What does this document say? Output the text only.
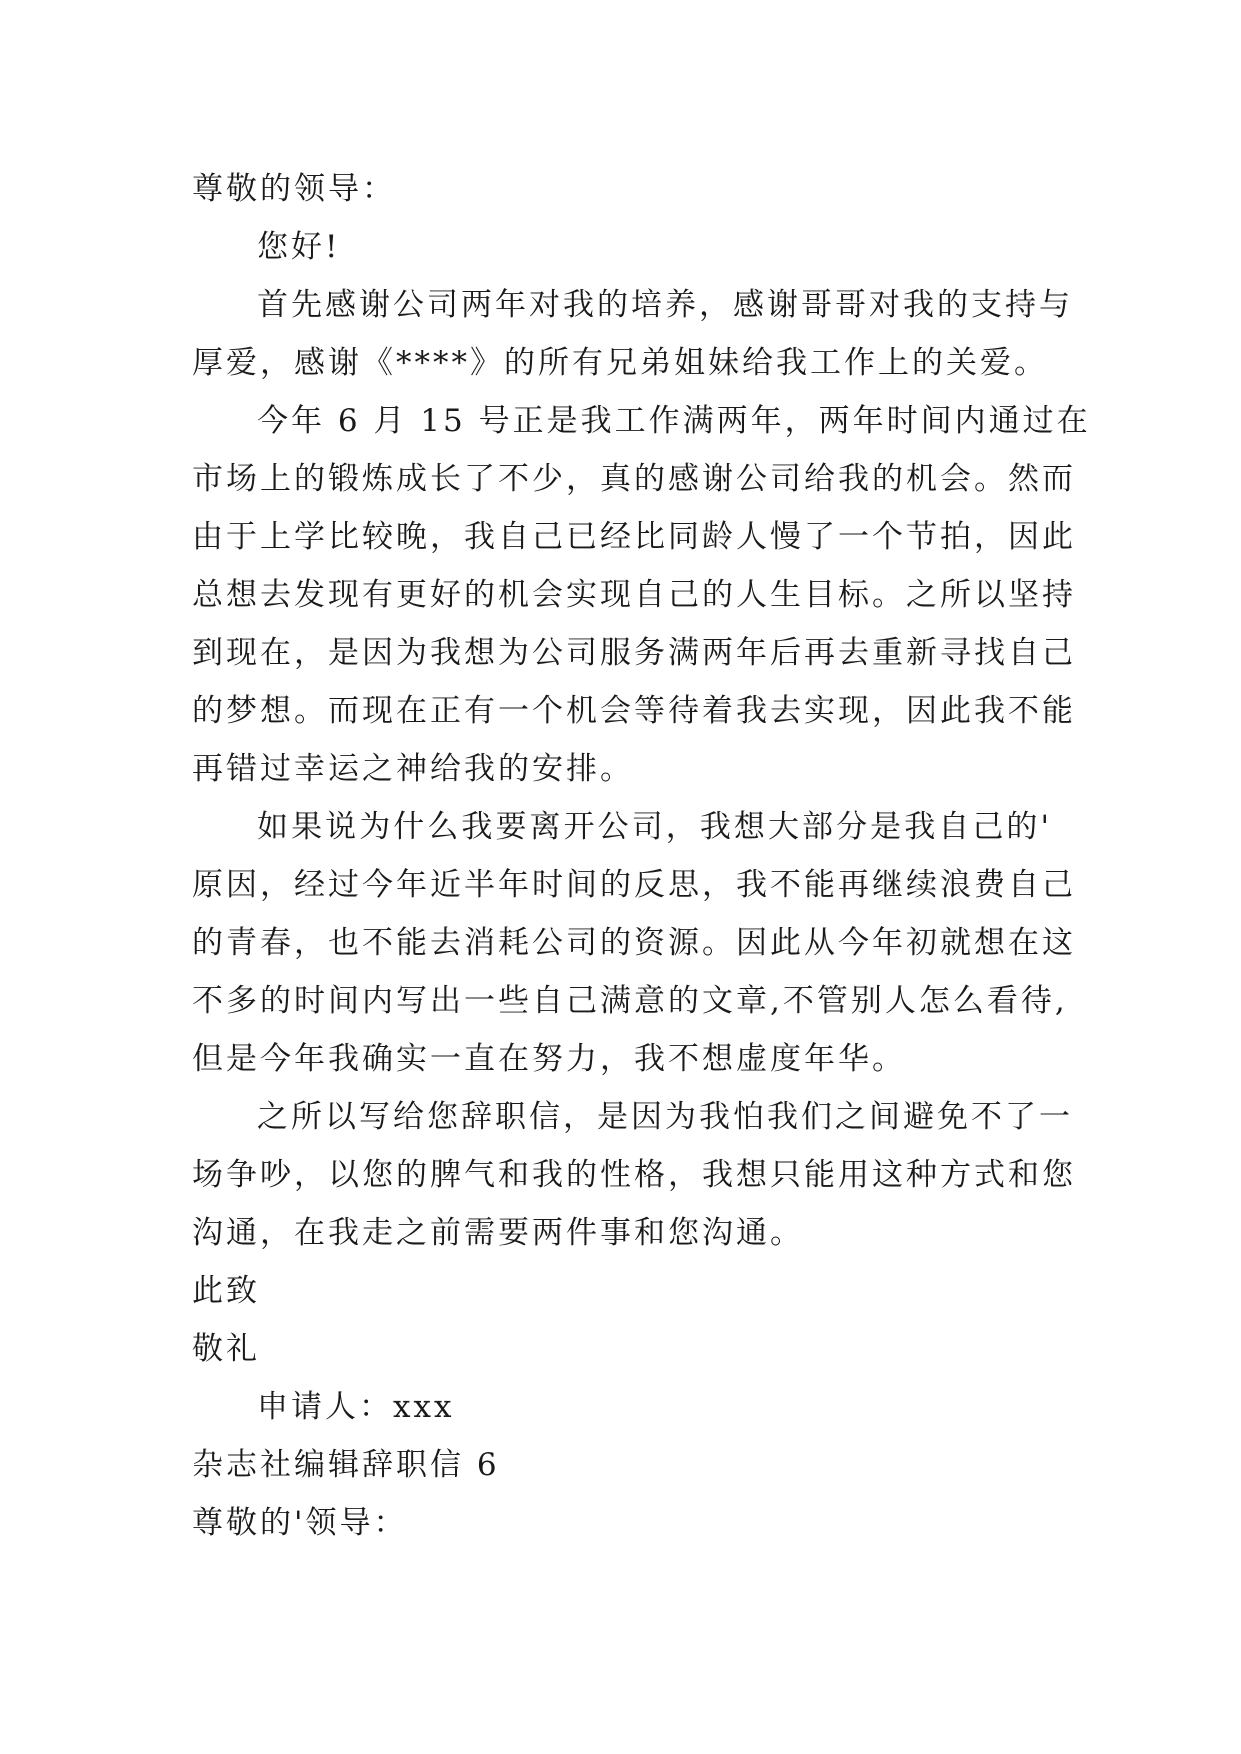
尊敬的领导：

您好!

首先感谢公司两年对我的培养，感谢哥哥对我的支持与

厚爱，感谢《****》的所有兄弟姐妹给我工作上的关爱。

今年 6 月 15 号正是我工作满两年，两年时间内通过在

市场上的锻炼成长了不少，真的感谢公司给我的机会。然而

由于上学比较晚，我自己已经比同龄人慢了一个节拍，因此

总想去发现有更好的机会实现自己的人生目标。之所以坚持

到现在，是因为我想为公司服务满两年后再去重新寻找自己

的梦想。而现在正有一个机会等待着我去实现，因此我不能

再错过幸运之神给我的安排。

如果说为什么我要离开公司，我想大部分是我自己的'

原因，经过今年近半年时间的反思，我不能再继续浪费自己

的青春，也不能去消耗公司的资源。因此从今年初就想在这

不多的时间内写出一些自己满意的文章,不管别人怎么看待,

但是今年我确实一直在努力，我不想虚度年华。

之所以写给您辞职信，是因为我怕我们之间避免不了一

场争吵，以您的脾气和我的性格，我想只能用这种方式和您

沟通，在我走之前需要两件事和您沟通。

此致

敬礼

申请人：xxx

杂志社编辑辞职信 6

尊敬的'领导：
